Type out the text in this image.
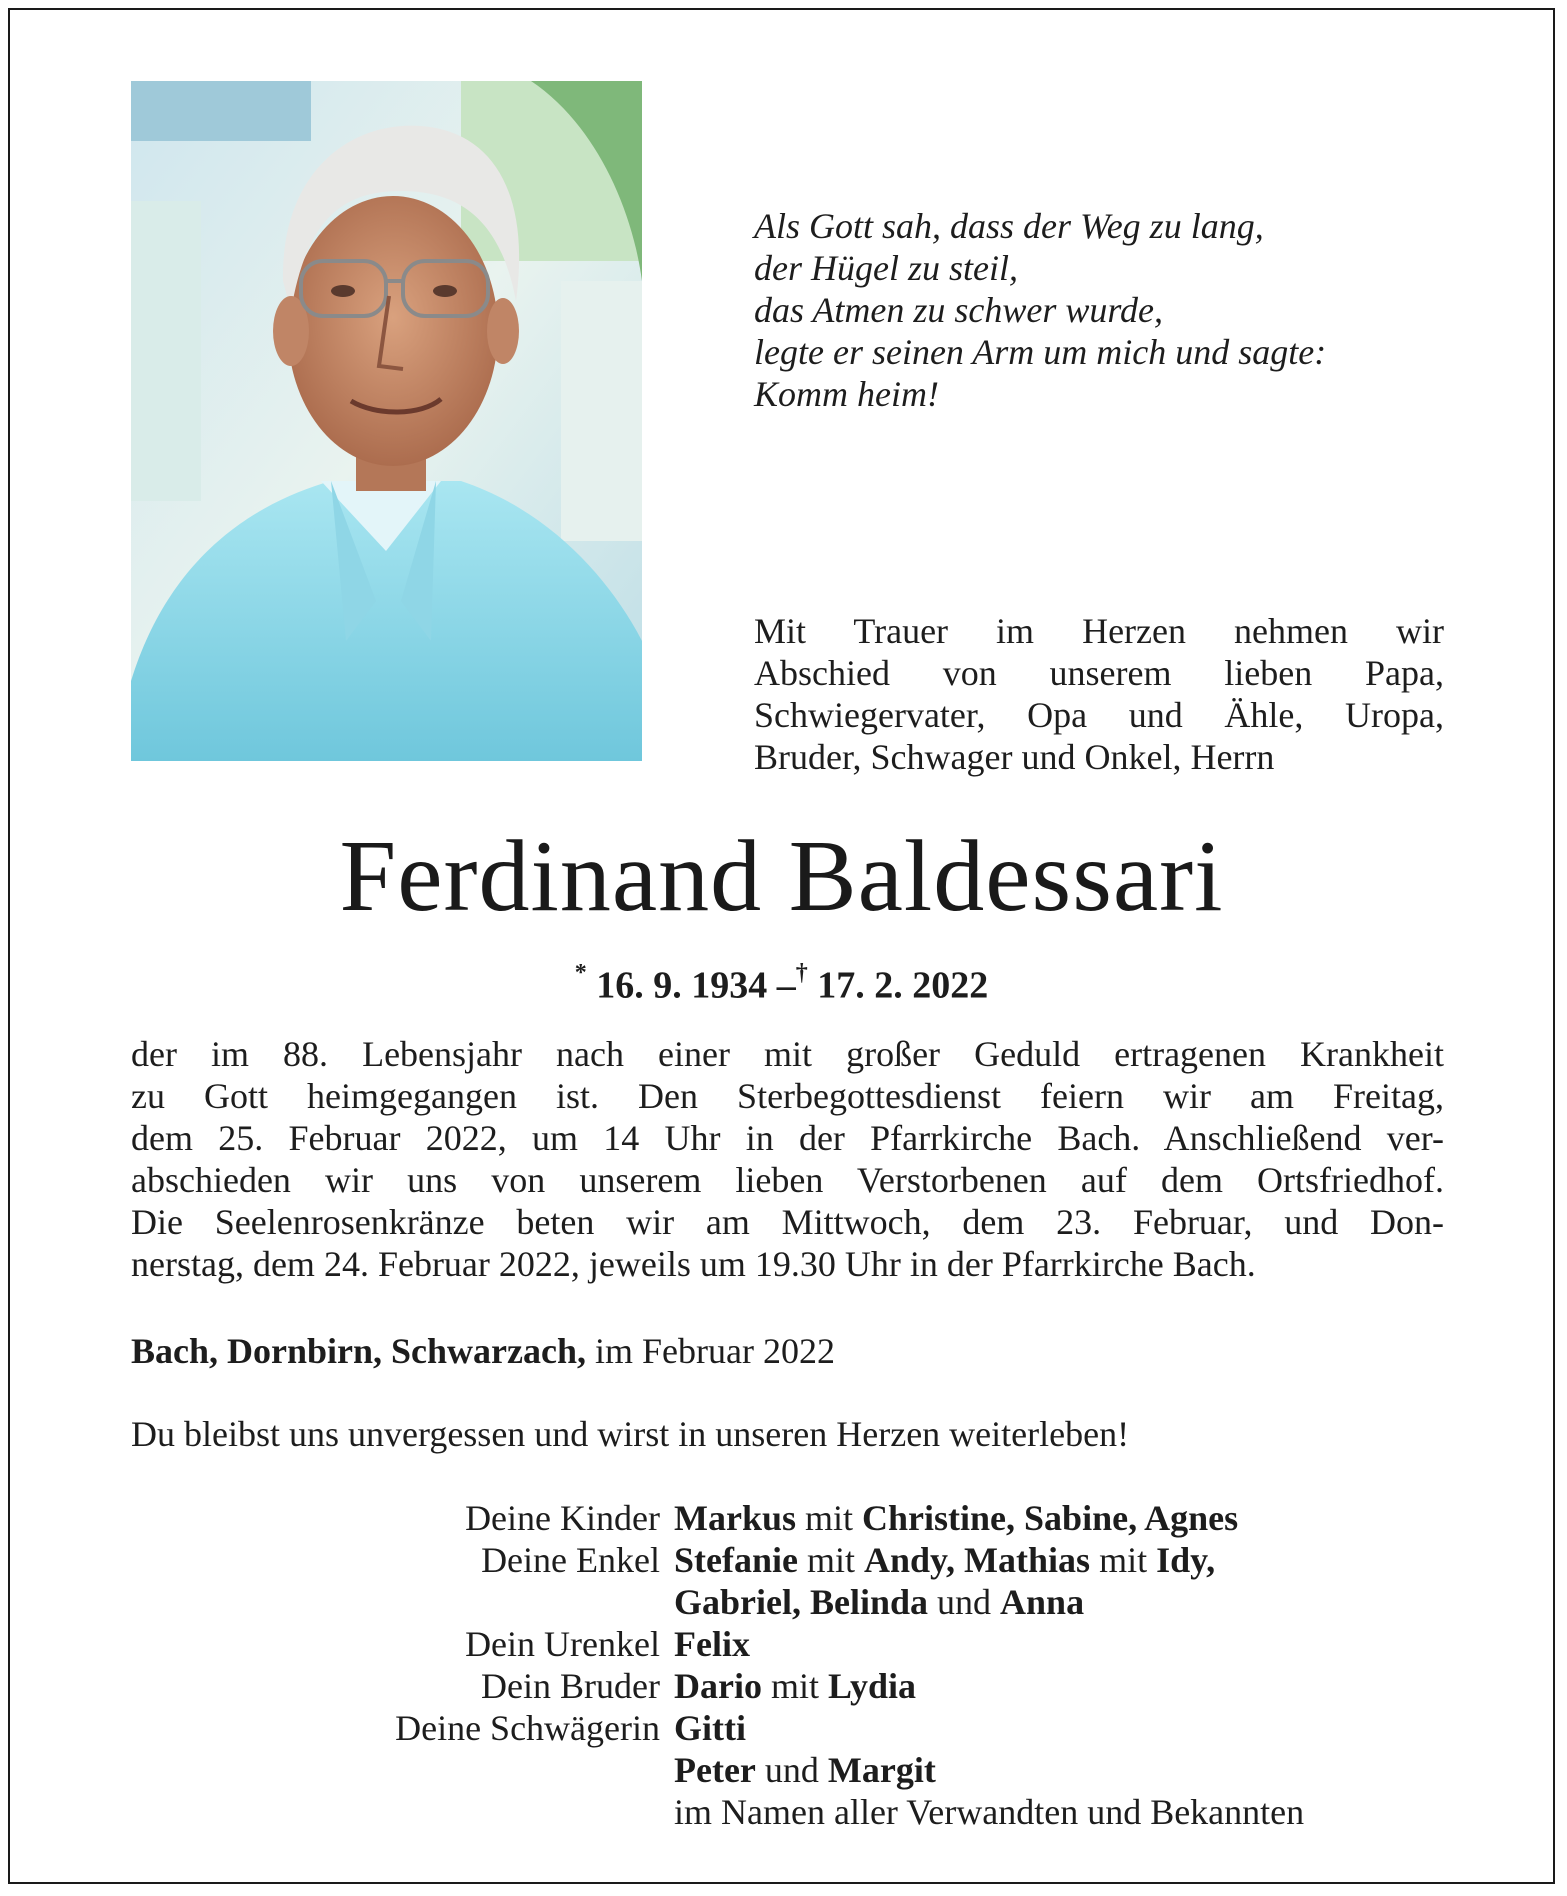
Als Gott sah, dass der Weg zu lang,
der Hügel zu steil,
das Atmen zu schwer wurde,
legte er seinen Arm um mich und sagte:
Komm heim!
Mit Trauer im Herzen nehmen wir
Abschied von unserem lieben Papa,
Schwiegervater, Opa und Ähle, Uropa,
Bruder, Schwager und Onkel, Herrn
Ferdinand Baldessari
* 16. 9. 1934 –† 17. 2. 2022
der im 88. Lebensjahr nach einer mit großer Geduld ertragenen Krankheit
zu Gott heimgegangen ist. Den Sterbegottesdienst feiern wir am Freitag,
dem 25. Februar 2022, um 14 Uhr in der Pfarrkirche Bach. Anschließend ver-
abschieden wir uns von unserem lieben Verstorbenen auf dem Ortsfriedhof.
Die Seelenrosenkränze beten wir am Mittwoch, dem 23. Februar, und Don-
nerstag, dem 24. Februar 2022, jeweils um 19.30 Uhr in der Pfarrkirche Bach.
Bach, Dornbirn, Schwarzach, im Februar 2022
Du bleibst uns unvergessen und wirst in unseren Herzen weiterleben!
Deine Kinder Markus mit Christine, Sabine, Agnes
Deine Enkel Stefanie mit Andy, Mathias mit Idy,
Gabriel, Belinda und Anna
Dein Urenkel Felix
Dein Bruder Dario mit Lydia
Deine Schwägerin Gitti
Peter und Margit
im Namen aller Verwandten und Bekannten
